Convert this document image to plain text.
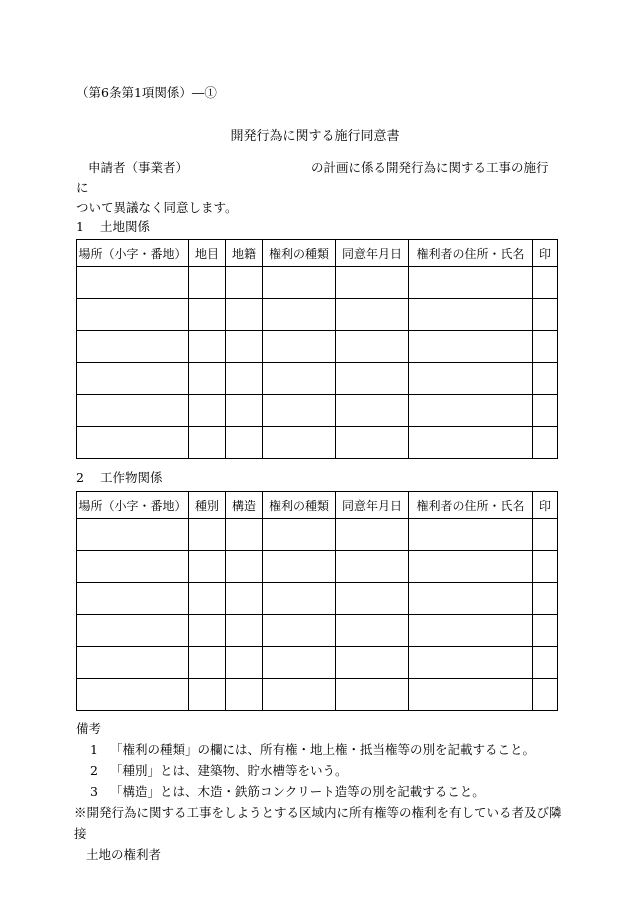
（第6条第1項関係）―①
開発行為に関する施行同意書
申請者（事業者）	の計画に係る開発行為に関する工事の施行に
ついて異議なく同意します。
1 土地関係
場所（小字・番地）	地目	地籍	権利の種類	同意年月日	権利者の住所・氏名	印

2 工作物関係
場所（小字・番地）	種別	構造	権利の種類	同意年月日	権利者の住所・氏名	印

備考
1 「権利の種類」の欄には、所有権・地上権・抵当権等の別を記載すること。
2 「種別」とは、建築物、貯水槽等をいう。
3 「構造」とは、木造・鉄筋コンクリート造等の別を記載すること。
※開発行為に関する工事をしようとする区域内に所有権等の権利を有している者及び隣接
土地の権利者
